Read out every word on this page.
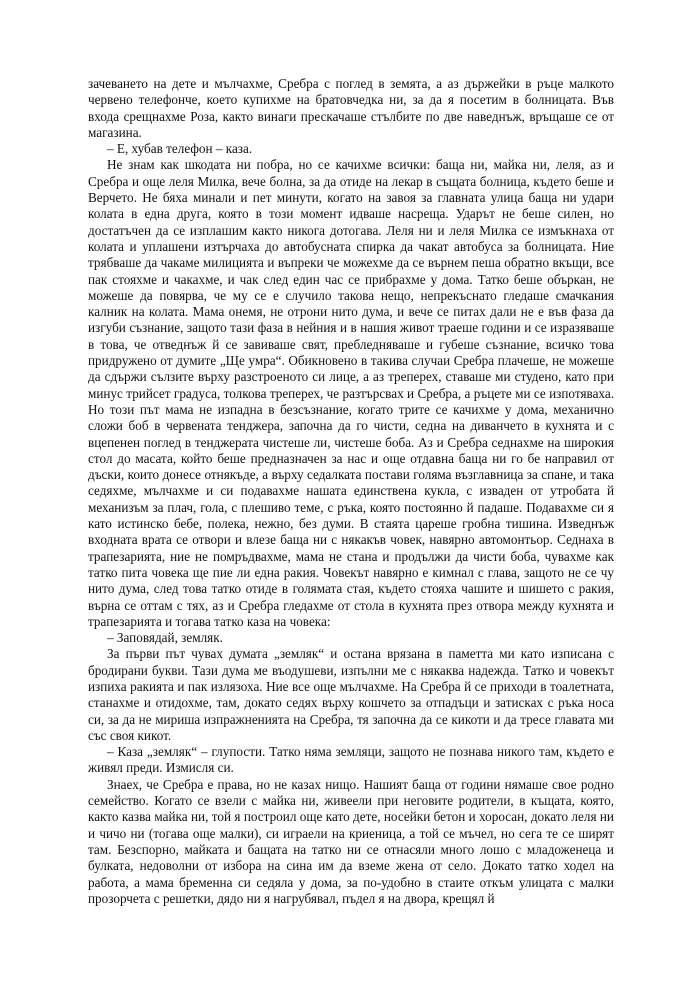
зачеването на дете и мълчахме, Сребра с поглед в земята, а аз държейки в ръце малкото червено телефонче, което купихме на братовчедка ни, за да я посетим в болницата. Във входа срещнахме Роза, както винаги прескачаше стълбите по две наведнъж, връщаше се от магазина.

– Е, хубав телефон – каза.

Не знам как шкодата ни побра, но се качихме всички: баща ни, майка ни, леля, аз и Сребра и още леля Милка, вече болна, за да отиде на лекар в същата болница, където беше и Верчето. Не бяха минали и пет минути, когато на завоя за главната улица баща ни удари колата в една друга, която в този момент идваше насреща. Ударът не беше силен, но достатъчен да се изплашим както никога дотогава. Леля ни и леля Милка се измъкнаха от колата и уплашени изтърчаха до автобусната спирка да чакат автобуса за болницата. Ние трябваше да чакаме милицията и въпреки че можехме да се върнем пеша обратно вкъщи, все пак стояхме и чакахме, и чак след един час се прибрахме у дома. Татко беше объркан, не можеше да повярва, че му се е случило такова нещо, непрекъснато гледаше смачкания калник на колата. Мама онемя, не отрони нито дума, и вече се питах дали не е във фаза да изгуби съзнание, защото тази фаза в нейния и в нашия живот траеше години и се изразяваше в това, че отведнъж й се завиваше свят, пребледняваше и губеше съзнание, всичко това придружено от думите „Ще умра“. Обикновено в такива случаи Сребра плачеше, не можеше да сдържи сълзите върху разстроеното си лице, а аз треперех, ставаше ми студено, като при минус трийсет градуса, толкова треперех, че разтърсвах и Сребра, а ръцете ми се изпотяваха. Но този път мама не изпадна в безсъзнание, когато трите се качихме у дома, механично сложи боб в червената тенджера, започна да го чисти, седна на диванчето в кухнята и с вцепенен поглед в тенджерата чистеше ли, чистеше боба. Аз и Сребра седнахме на широкия стол до масата, който беше предназначен за нас и още отдавна баща ни го бе направил от дъски, които донесе отнякъде, а върху седалката постави голяма възглавница за спане, и така седяхме, мълчахме и си подавахме нашата единствена кукла, с изваден от утробата й механизъм за плач, гола, с плешиво теме, с ръка, която постоянно й падаше. Подавахме си я като истинско бебе, полека, нежно, без думи. В стаята цареше гробна тишина. Изведнъж входната врата се отвори и влезе баща ни с някакъв човек, навярно автомонтьор. Седнаха в трапезарията, ние не помръдвахме, мама не стана и продължи да чисти боба, чувахме как татко пита човека ще пие ли една ракия. Човекът навярно е кимнал с глава, защото не се чу нито дума, след това татко отиде в голямата стая, където стояха чашите и шишето с ракия, върна се оттам с тях, аз и Сребра гледахме от стола в кухнята през отвора между кухнята и трапезарията и тогава татко каза на човека:

– Заповядай, земляк.

За първи път чувах думата „земляк“ и остана врязана в паметта ми като изписана с бродирани букви. Тази дума ме въодушеви, изпълни ме с някаква надежда. Татко и човекът изпиха ракията и пак излязоха. Ние все още мълчахме. На Сребра й се приходи в тоалетната, станахме и отидохме, там, докато седях върху кошчето за отпадъци и затисках с ръка носа си, за да не мириша изпражненията на Сребра, тя започна да се кикоти и да тресе главата ми със своя кикот.

– Каза „земляк“ – глупости. Татко няма земляци, защото не познава никого там, където е живял преди. Измисля си.

Знаех, че Сребра е права, но не казах нищо. Нашият баща от години нямаше свое родно семейство. Когато се взели с майка ни, живеели при неговите родители, в къщата, която, както казва майка ни, той я построил още като дете, носейки бетон и хоросан, докато леля ни и чичо ни (тогава още малки), си играели на криеница, а той се мъчел, но сега те се ширят там. Безспорно, майката и бащата на татко ни се отнасяли много лошо с младоженеца и булката, недоволни от избора на сина им да вземе жена от село. Докато татко ходел на работа, а мама бременна си седяла у дома, за по-удобно в стаите откъм улицата с малки прозорчета с решетки, дядо ни я нагрубявал, пъдел я на двора, крещял й
